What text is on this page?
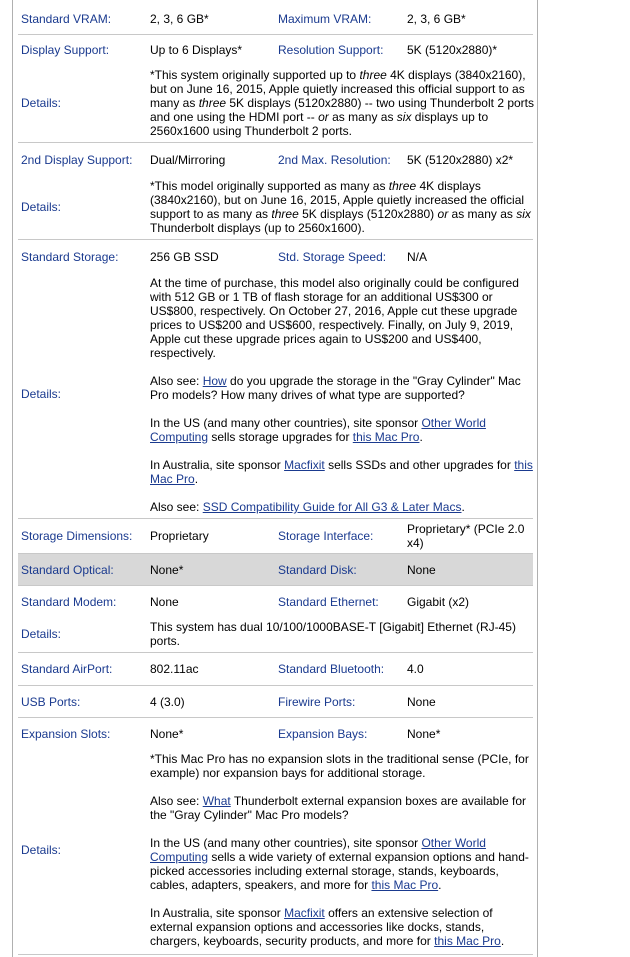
Standard VRAM:	2, 3, 6 GB*	Maximum VRAM:	2, 3, 6 GB*
Display Support:	Up to 6 Displays*	Resolution Support: 5K (5120x2880)*
Details:
*This system originally supported up to three 4K displays (3840x2160), but on June 16, 2015, Apple quietly increased this official support to as many as three 5K displays (5120x2880) -- two using Thunderbolt 2 ports and one using the HDMI port -- or as many as six displays up to 2560x1600 using Thunderbolt 2 ports.
2nd Display Support: Dual/Mirroring	2nd Max. Resolution: 5K (5120x2880) x2*
Details:
*This model originally supported as many as three 4K displays (3840x2160), but on June 16, 2015, Apple quietly increased the official support to as many as three 5K displays (5120x2880) or as many as six Thunderbolt displays (up to 2560x1600).
Standard Storage:	256 GB SSD	Std. Storage Speed: N/A
Details:

At the time of purchase, this model also originally could be configured with 512 GB or 1 TB of flash storage for an additional US$300 or US$800, respectively. On October 27, 2016, Apple cut these upgrade prices to US$200 and US$600, respectively. Finally, on July 9, 2019, Apple cut these upgrade prices again to US$200 and US$400, respectively.

Also see: How do you upgrade the storage in the "Gray Cylinder" Mac Pro models? How many drives of what type are supported?

In the US (and many other countries), site sponsor Other World Computing sells storage upgrades for this Mac Pro.

In Australia, site sponsor Macfixit sells SSDs and other upgrades for this Mac Pro.

Also see: SSD Compatibility Guide for All G3 & Later Macs.

Storage Dimensions: Proprietary	Storage Interface:	Proprietary* (PCIe 2.0 x4)
Standard Optical:	None*	Standard Disk:	None
Standard Modem:	None	Standard Ethernet: Gigabit (x2)
Details:	This system has dual 10/100/1000BASE-T [Gigabit] Ethernet (RJ-45) ports.
Standard AirPort:	802.11ac	Standard Bluetooth: 4.0
USB Ports:	4 (3.0)	Firewire Ports:	None
Expansion Slots:	None*	Expansion Bays:	None*
Details:

*This Mac Pro has no expansion slots in the traditional sense (PCIe, for example) nor expansion bays for additional storage.

Also see: What Thunderbolt external expansion boxes are available for the "Gray Cylinder" Mac Pro models?

In the US (and many other countries), site sponsor Other World Computing sells a wide variety of external expansion options and hand-picked accessories including external storage, stands, keyboards, cables, adapters, speakers, and more for this Mac Pro.

In Australia, site sponsor Macfixit offers an extensive selection of external expansion options and accessories like docks, stands, chargers, keyboards, security products, and more for this Mac Pro.
